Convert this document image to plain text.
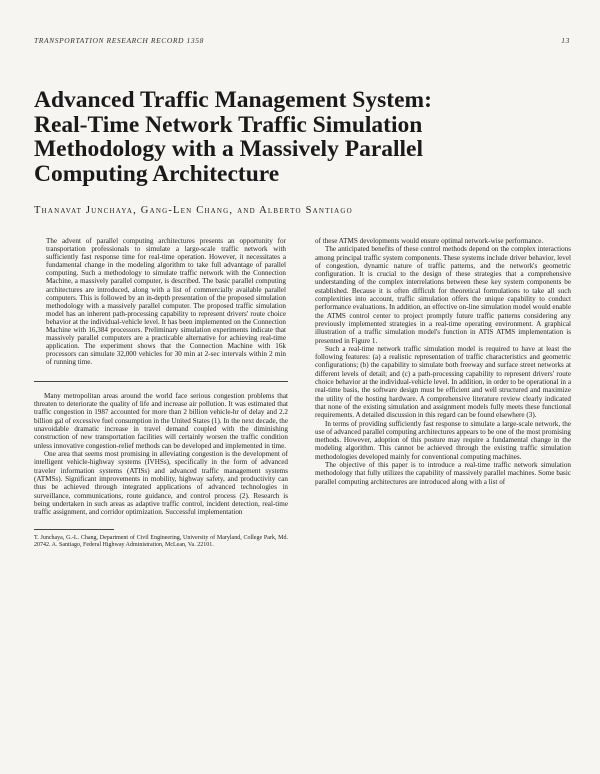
TRANSPORTATION RESEARCH RECORD 1358	13
Advanced Traffic Management System:
Real-Time Network Traffic Simulation
Methodology with a Massively Parallel
Computing Architecture
Thanavat Junchaya, Gang-Len Chang, and Alberto Santiago

The advent of parallel computing architectures presents an opportunity for transportation professionals to simulate a large-scale traffic network with sufficiently fast response time for real-time operation. However, it necessitates a fundamental change in the modeling algorithm to take full advantage of parallel computing. Such a methodology to simulate traffic network with the Connection Machine, a massively parallel computer, is described. The basic parallel computing architectures are introduced, along with a list of commercially available parallel computers. This is followed by an in-depth presentation of the proposed simulation methodology with a massively parallel computer. The proposed traffic simulation model has an inherent path-processing capability to represent drivers' route choice behavior at the individual-vehicle level. It has been implemented on the Connection Machine with 16,384 processors. Preliminary simulation experiments indicate that massively parallel computers are a practicable alternative for achieving real-time application. The experiment shows that the Connection Machine with 16k processors can simulate 32,000 vehicles for 30 min at 2-sec intervals within 2 min of running time.

Many metropolitan areas around the world face serious congestion problems that threaten to deteriorate the quality of life and increase air pollution. It was estimated that traffic congestion in 1987 accounted for more than 2 billion vehicle-hr of delay and 2.2 billion gal of excessive fuel consumption in the United States (1). In the next decade, the unavoidable dramatic increase in travel demand coupled with the diminishing construction of new transportation facilities will certainly worsen the traffic condition unless innovative congestion-relief methods can be developed and implemented in time.

One area that seems most promising in alleviating congestion is the development of intelligent vehicle-highway systems (IVHSs), specifically in the form of advanced traveler information systems (ATISs) and advanced traffic management systems (ATMSs). Significant improvements in mobility, highway safety, and productivity can thus be achieved through integrated applications of advanced technologies in surveillance, communications, route guidance, and control process (2). Research is being undertaken in such areas as adaptive traffic control, incident detection, real-time traffic assignment, and corridor optimization. Successful implementation

T. Junchaya, G.-L. Chang, Department of Civil Engineering, University of Maryland, College Park, Md. 20742. A. Santiago, Federal Highway Administration, McLean, Va. 22101.

of these ATMS developments would ensure optimal network-wise performance.

The anticipated benefits of these control methods depend on the complex interactions among principal traffic system components. These systems include driver behavior, level of congestion, dynamic nature of traffic patterns, and the network's geometric configuration. It is crucial to the design of these strategies that a comprehensive understanding of the complex interrelations between these key system components be established. Because it is often difficult for theoretical formulations to take all such complexities into account, traffic simulation offers the unique capability to conduct performance evaluations. In addition, an effective on-line simulation model would enable the ATMS control center to project promptly future traffic patterns considering any previously implemented strategies in a real-time operating environment. A graphical illustration of a traffic simulation model's function in ATIS ATMS implementation is presented in Figure 1.

Such a real-time network traffic simulation model is required to have at least the following features: (a) a realistic representation of traffic characteristics and geometric configurations; (b) the capability to simulate both freeway and surface street networks at different levels of detail; and (c) a path-processing capability to represent drivers' route choice behavior at the individual-vehicle level. In addition, in order to be operational in a real-time basis, the software design must be efficient and well structured and maximize the utility of the hosting hardware. A comprehensive literature review clearly indicated that none of the existing simulation and assignment models fully meets these functional requirements. A detailed discussion in this regard can be found elsewhere (3).

In terms of providing sufficiently fast response to simulate a large-scale network, the use of advanced parallel computing architectures appears to be one of the most promising methods. However, adoption of this posture may require a fundamental change in the modeling algorithm. This cannot be achieved through the existing traffic simulation methodologies developed mainly for conventional computing machines.

The objective of this paper is to introduce a real-time traffic network simulation methodology that fully utilizes the capability of massively parallel machines. Some basic parallel computing architectures are introduced along with a list of
